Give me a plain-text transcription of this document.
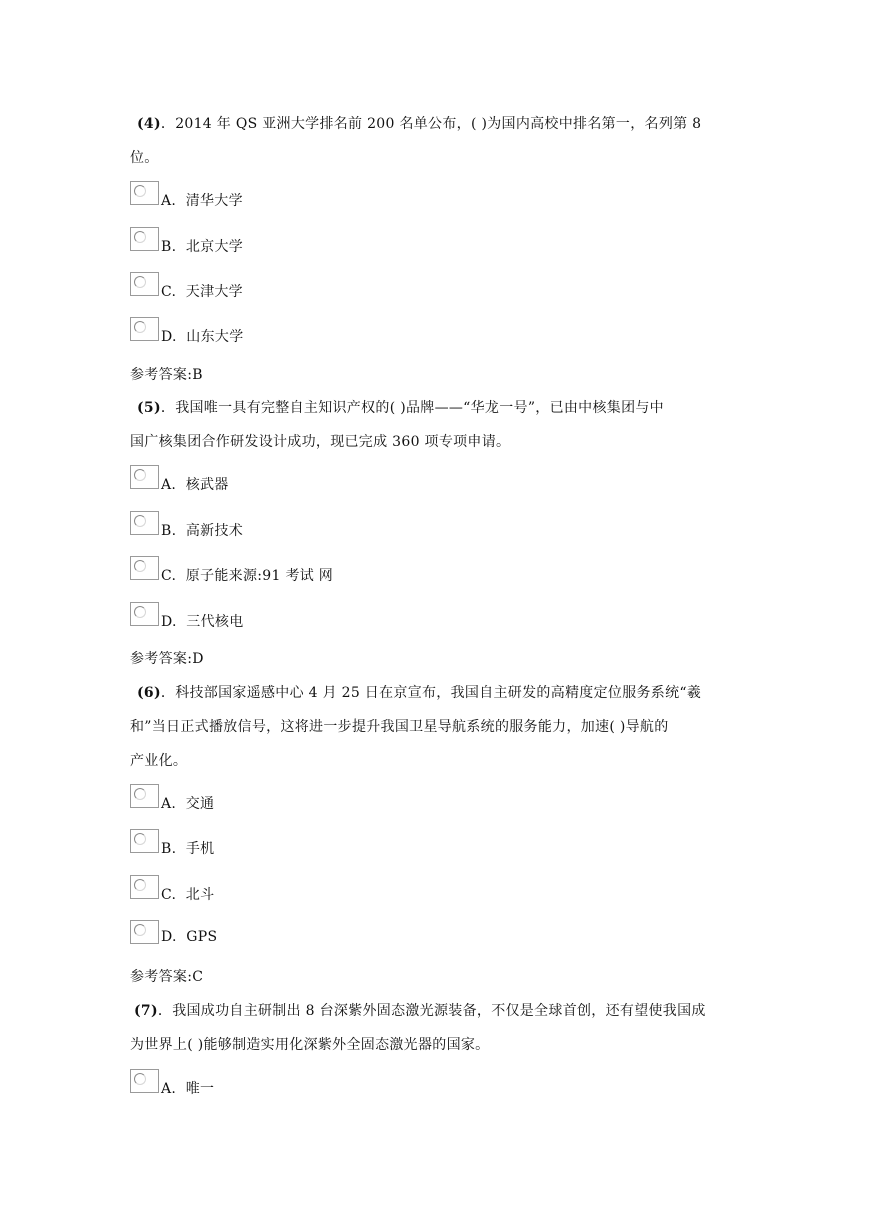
(4)．2014 年 QS 亚洲大学排名前 200 名单公布，( )为国内高校中排名第一，名列第 8
位。
A. 清华大学
B. 北京大学
C. 天津大学
D. 山东大学
参考答案:B
(5)．我国唯一具有完整自主知识产权的( )品牌——“华龙一号”，已由中核集团与中
国广核集团合作研发设计成功，现已完成 360 项专项申请。
A. 核武器
B. 高新技术
C. 原子能来源:91 考试 网
D. 三代核电
参考答案:D
(6)．科技部国家遥感中心 4 月 25 日在京宣布，我国自主研发的高精度定位服务系统“羲
和”当日正式播放信号，这将进一步提升我国卫星导航系统的服务能力，加速( )导航的
产业化。
A. 交通
B. 手机
C. 北斗
D. GPS
参考答案:C
(7)．我国成功自主研制出 8 台深紫外固态激光源装备，不仅是全球首创，还有望使我国成
为世界上( )能够制造实用化深紫外全固态激光器的国家。
A. 唯一
